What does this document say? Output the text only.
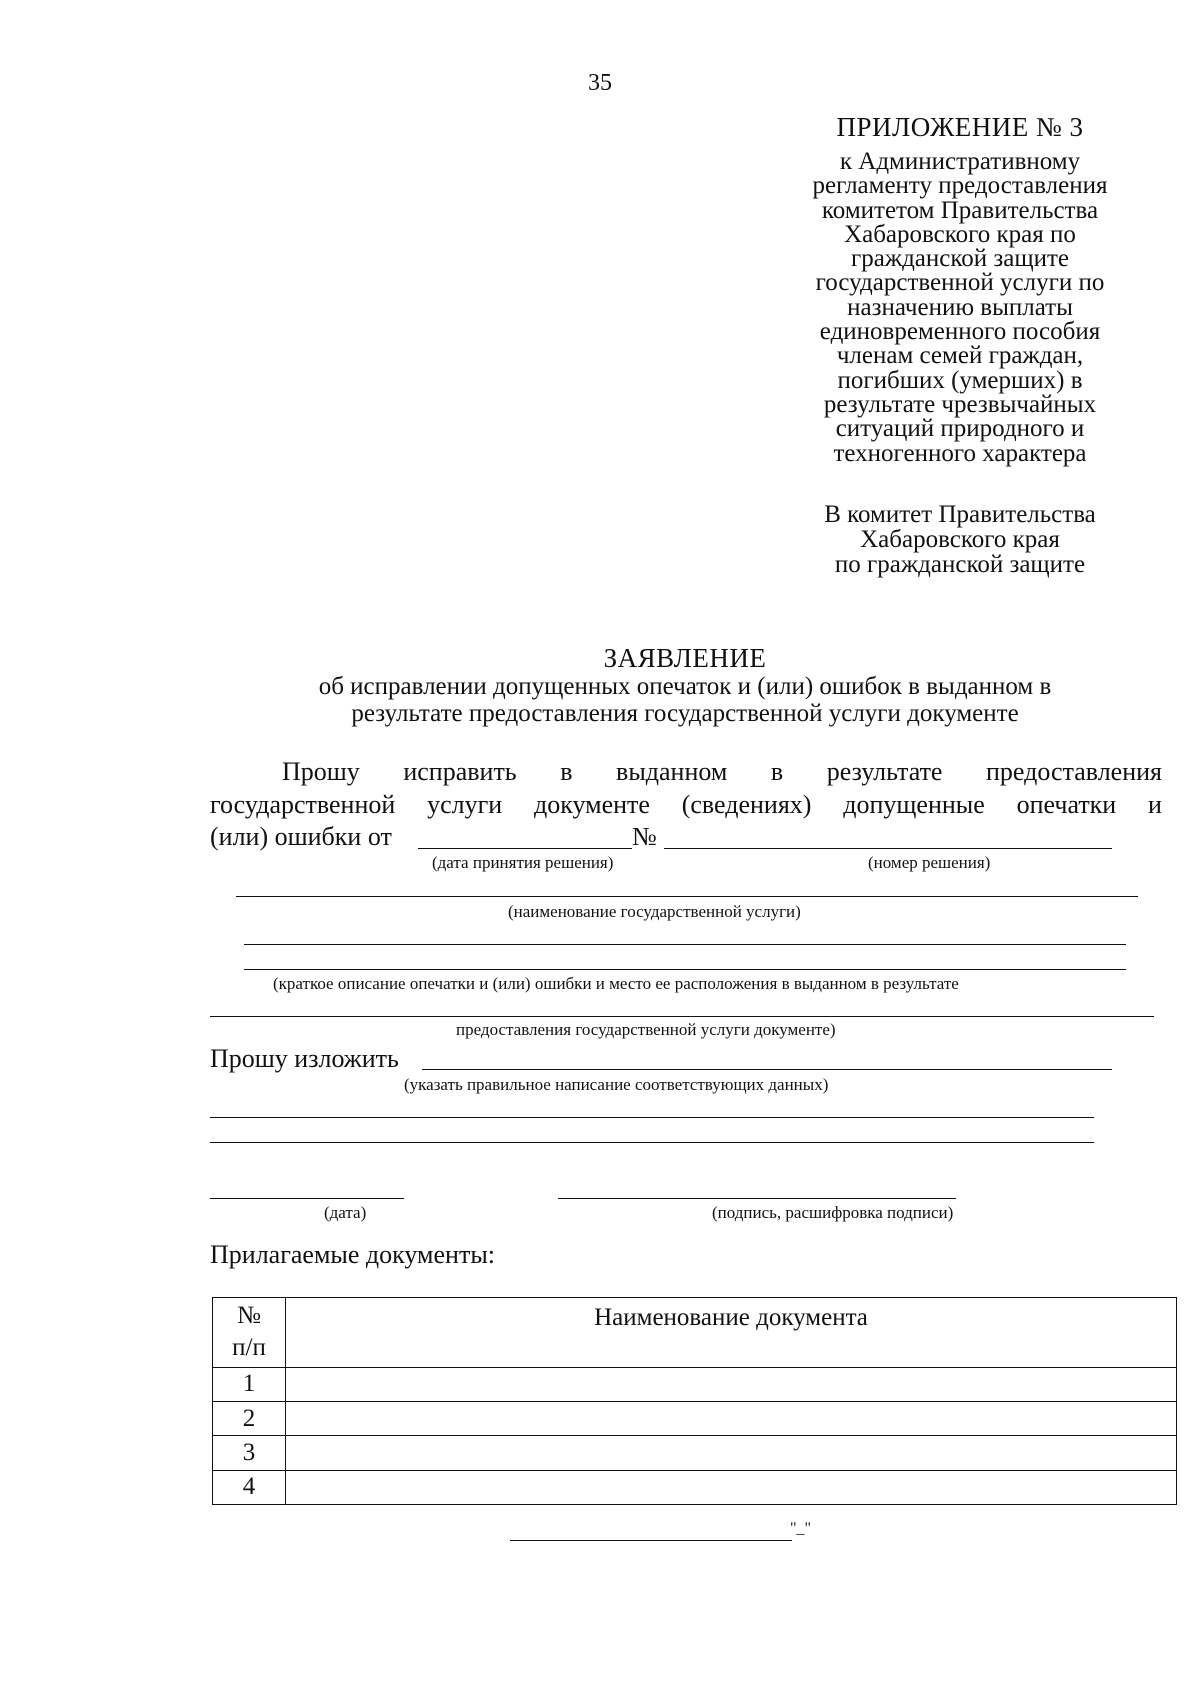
35
ПРИЛОЖЕНИЕ № 3
к Административному
регламенту предоставления
комитетом Правительства
Хабаровского края по
гражданской защите
государственной услуги по
назначению выплаты
единовременного пособия
членам семей граждан,
погибших (умерших) в
результате чрезвычайных
ситуаций природного и
техногенного характера
В комитет Правительства
Хабаровского края
по гражданской защите
ЗАЯВЛЕНИЕ
об исправлении допущенных опечаток и (или) ошибок в выданном в
результате предоставления государственной услуги документе
Прошу исправить в выданном в результате предоставления
государственной услуги документе (сведениях) допущенные опечатки и
(или) ошибки от	№
(дата принятия решения)	(номер решения)
(наименование государственной услуги)
(краткое описание опечатки и (или) ошибки и место ее расположения в выданном в результате
предоставления государственной услуги документе)
Прошу изложить
(указать правильное написание соответствующих данных)
(дата)	(подпись, расшифровка подписи)
Прилагаемые документы:
№
п/п	Наименование документа
1	
2	
3	
4	
"_"
